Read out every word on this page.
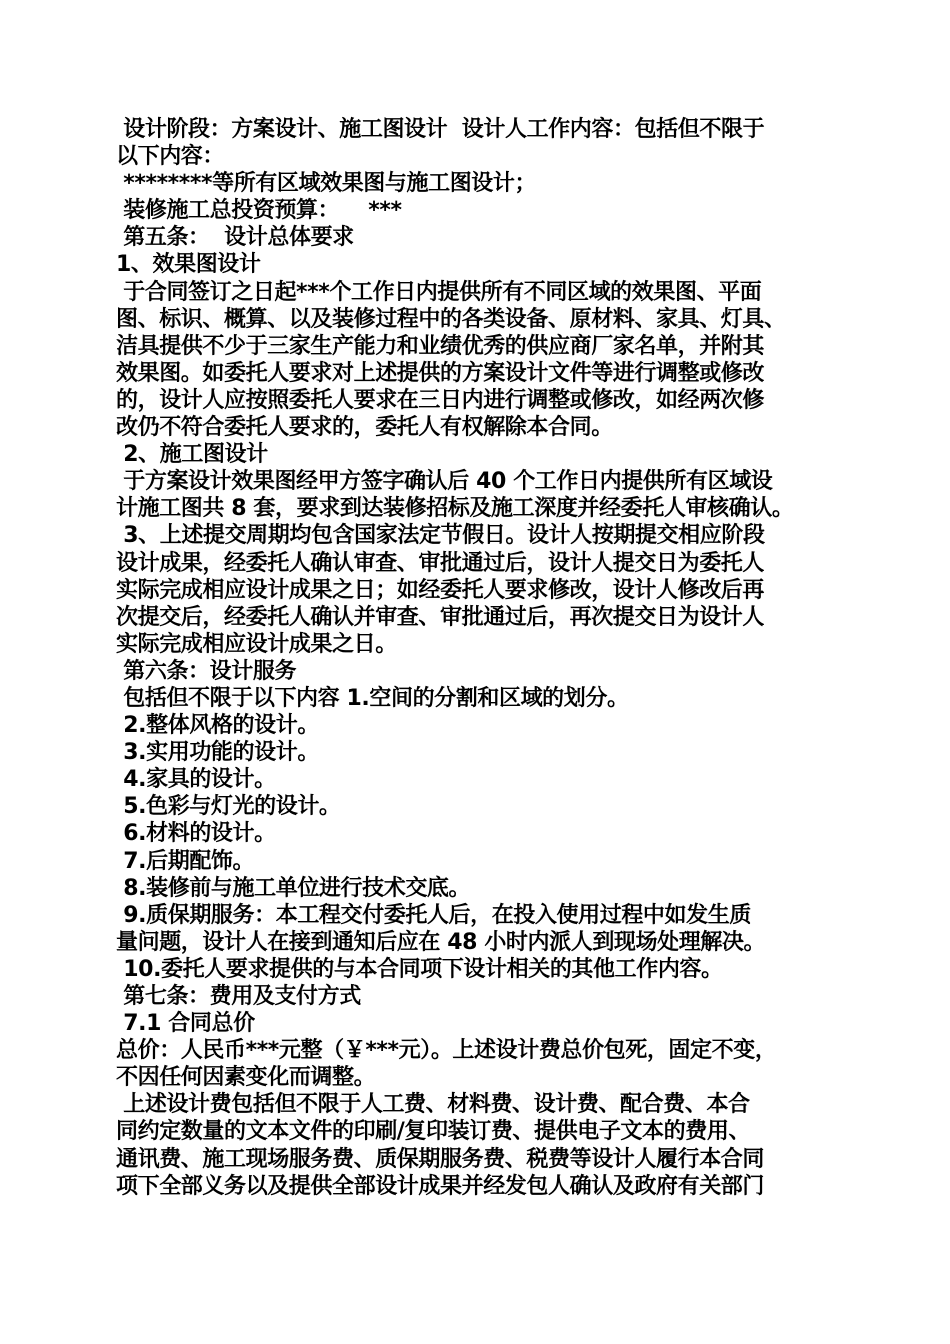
设计阶段：方案设计、施工图设计  设计人工作内容：包括但不限于
以下内容：
********等所有区域效果图与施工图设计；
装修施工总投资预算：    ***
第五条：  设计总体要求
1、效果图设计
于合同签订之日起***个工作日内提供所有不同区域的效果图、平面
图、标识、概算、以及装修过程中的各类设备、原材料、家具、灯具、
洁具提供不少于三家生产能力和业绩优秀的供应商厂家名单，并附其
效果图。如委托人要求对上述提供的方案设计文件等进行调整或修改
的，设计人应按照委托人要求在三日内进行调整或修改，如经两次修
改仍不符合委托人要求的，委托人有权解除本合同。
2、施工图设计
于方案设计效果图经甲方签字确认后 40 个工作日内提供所有区域设
计施工图共 8 套，要求到达装修招标及施工深度并经委托人审核确认。
3、上述提交周期均包含国家法定节假日。设计人按期提交相应阶段
设计成果，经委托人确认审查、审批通过后，设计人提交日为委托人
实际完成相应设计成果之日；如经委托人要求修改，设计人修改后再
次提交后，经委托人确认并审查、审批通过后，再次提交日为设计人
实际完成相应设计成果之日。
第六条：设计服务
包括但不限于以下内容 1.空间的分割和区域的划分。
2.整体风格的设计。
3.实用功能的设计。
4.家具的设计。
5.色彩与灯光的设计。
6.材料的设计。
7.后期配饰。
8.装修前与施工单位进行技术交底。
9.质保期服务：本工程交付委托人后，在投入使用过程中如发生质
量问题，设计人在接到通知后应在 48 小时内派人到现场处理解决。
10.委托人要求提供的与本合同项下设计相关的其他工作内容。
第七条：费用及支付方式
7.1 合同总价
总价：人民币***元整（￥***元）。上述设计费总价包死，固定不变，
不因任何因素变化而调整。
上述设计费包括但不限于人工费、材料费、设计费、配合费、本合
同约定数量的文本文件的印刷/复印装订费、提供电子文本的费用、
通讯费、施工现场服务费、质保期服务费、税费等设计人履行本合同
项下全部义务以及提供全部设计成果并经发包人确认及政府有关部门
